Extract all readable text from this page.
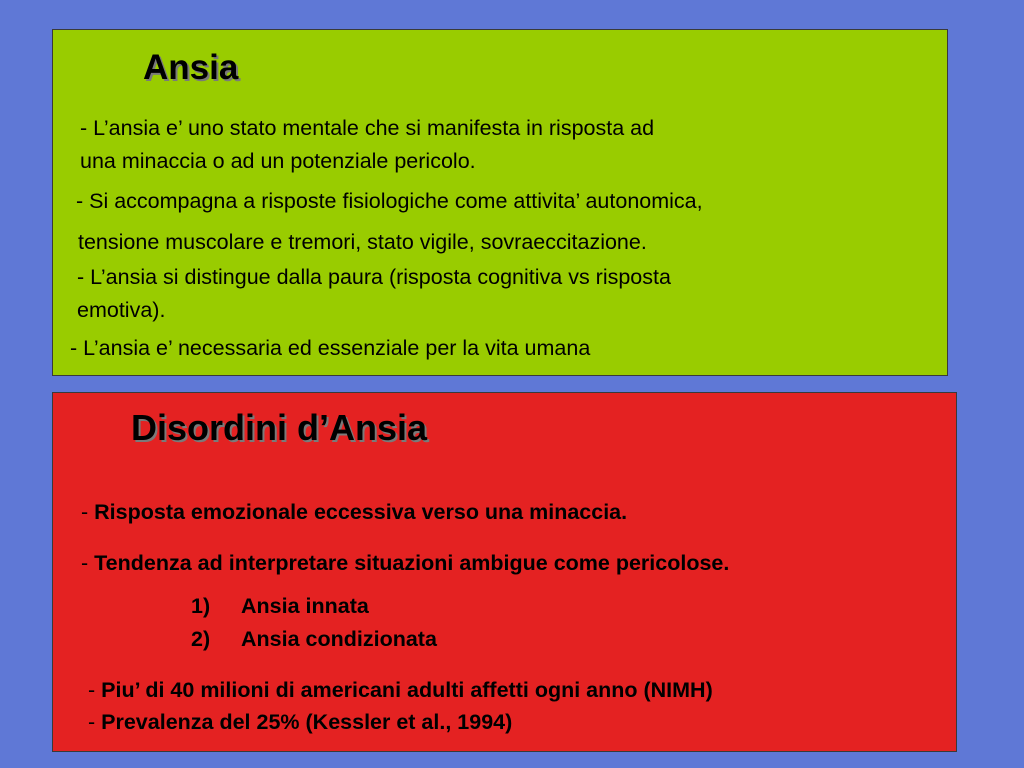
Ansia

- L’ansia e’ uno stato mentale che si manifesta in risposta ad

una minaccia o ad un potenziale pericolo.

- Si accompagna a risposte fisiologiche come attivita’ autonomica,

tensione muscolare e tremori, stato vigile, sovraeccitazione.

- L’ansia si distingue dalla paura (risposta cognitiva vs risposta

emotiva).

- L’ansia e’ necessaria ed essenziale per la vita umana

Disordini d’Ansia

- Risposta emozionale eccessiva verso una minaccia.

- Tendenza ad interpretare situazioni ambigue come pericolose.

1) Ansia innata

2) Ansia condizionata

- Piu’ di 40 milioni di americani adulti affetti ogni anno (NIMH)

- Prevalenza del 25% (Kessler et al., 1994)
